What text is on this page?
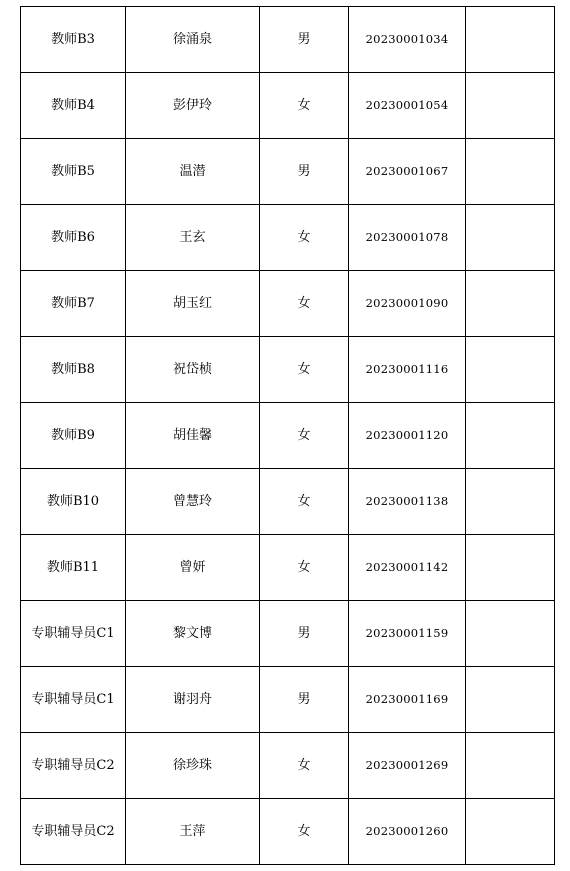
教师B3	徐涌泉	男	20230001034	
教师B4	彭伊玲	女	20230001054	
教师B5	温潜	男	20230001067	
教师B6	王玄	女	20230001078	
教师B7	胡玉红	女	20230001090	
教师B8	祝岱桢	女	20230001116	
教师B9	胡佳馨	女	20230001120	
教师B10	曾慧玲	女	20230001138	
教师B11	曾妍	女	20230001142	
专职辅导员C1	黎文博	男	20230001159	
专职辅导员C1	谢羽舟	男	20230001169	
专职辅导员C2	徐珍珠	女	20230001269	
专职辅导员C2	王萍	女	20230001260	
